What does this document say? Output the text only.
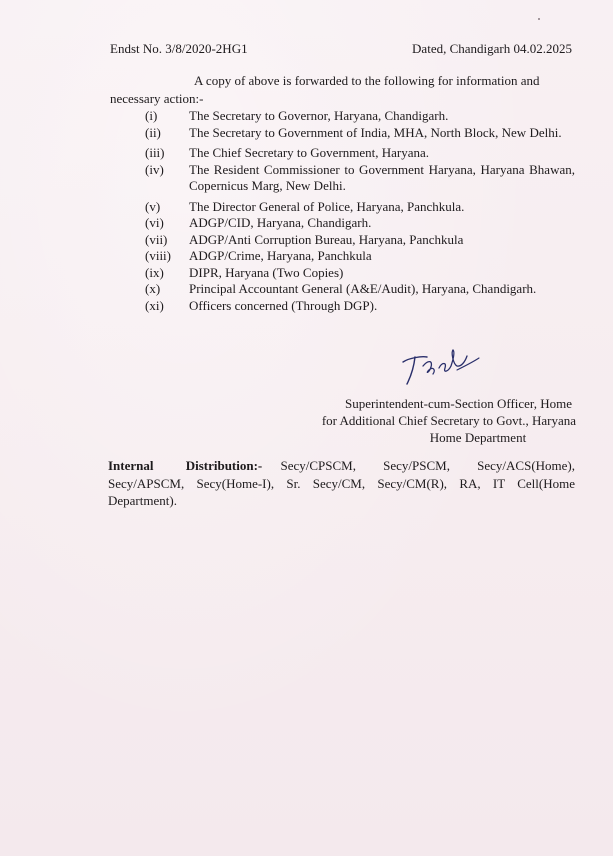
Endst No. 3/8/2020-2HG1	Dated, Chandigarh 04.02.2025
A copy of above is forwarded to the following for information and
necessary action:-
(i)	The Secretary to Governor, Haryana, Chandigarh.
(ii)	The Secretary to Government of India, MHA, North Block, New Delhi.
(iii)	The Chief Secretary to Government, Haryana.
(iv)	The Resident Commissioner to Government Haryana, Haryana Bhawan, Copernicus Marg, New Delhi.
(v)	The Director General of Police, Haryana, Panchkula.
(vi)	ADGP/CID, Haryana, Chandigarh.
(vii)	ADGP/Anti Corruption Bureau, Haryana, Panchkula
(viii)	ADGP/Crime, Haryana, Panchkula
(ix)	DIPR, Haryana (Two Copies)
(x)	Principal Accountant General (A&E/Audit), Haryana, Chandigarh.
(xi)	Officers concerned (Through DGP).
Superintendent-cum-Section Officer, Home
for Additional Chief Secretary to Govt., Haryana
Home Department
Internal Distribution:- Secy/CPSCM, Secy/PSCM, Secy/ACS(Home), Secy/APSCM, Secy(Home-I), Sr. Secy/CM, Secy/CM(R), RA, IT Cell(Home Department).
